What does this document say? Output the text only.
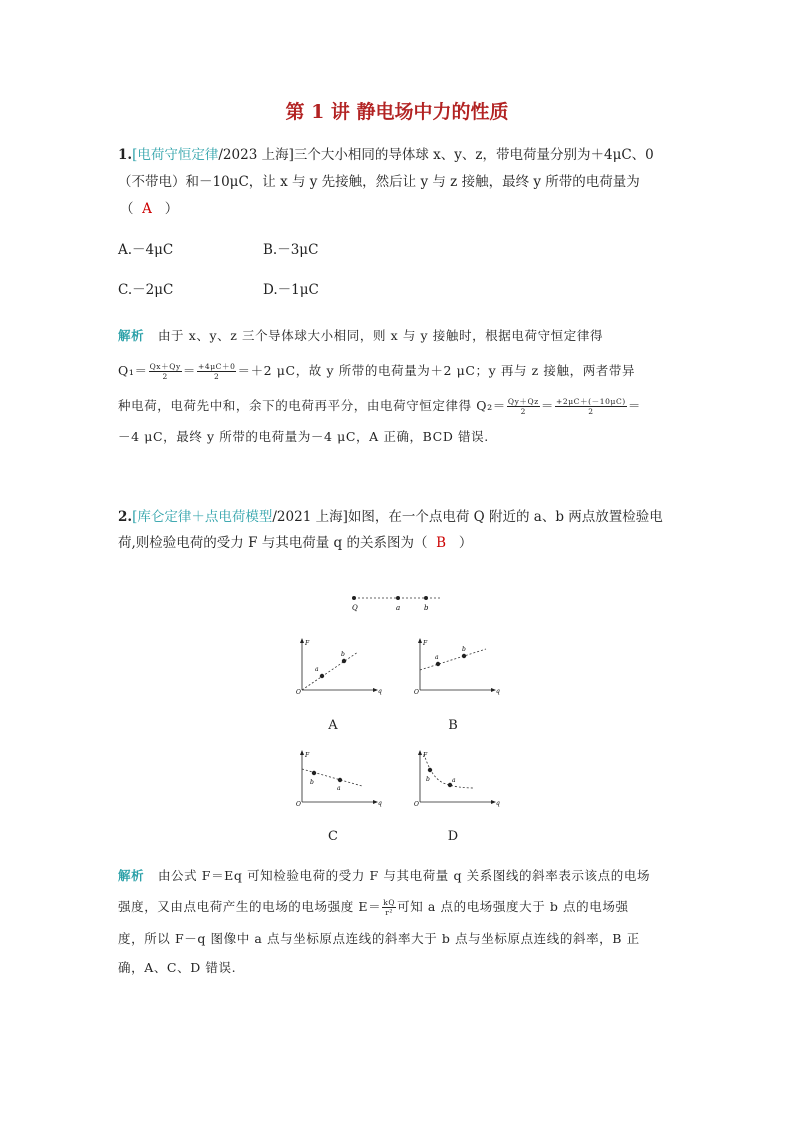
第 1 讲 静电场中力的性质
1.[电荷守恒定律/2023 上海]三个大小相同的导体球 x、y、z，带电荷量分别为＋4μC、0
（不带电）和－10μC，让 x 与 y 先接触，然后让 y 与 z 接触，最终 y 所带的电荷量为
（ A ）
A.－4μC	B.－3μC
C.－2μC	D.－1μC
解析 由于 x、y、z 三个导体球大小相同，则 x 与 y 接触时，根据电荷守恒定律得
$Q_1= \frac{Qx+Qy}{2} = \frac{+4\mu C+0}{2} =+2$ μC，故 y 所带的电荷量为＋2 μC；y 再与 z 接触，两者带异
种电荷，电荷先中和，余下的电荷再平分，由电荷守恒定律得 $Q_2= \frac{Qy+Qz}{2} = \frac{+2\mu C+(-10\mu C)}{2}$ ＝
－4 μC，最终 y 所带的电荷量为－4 μC，A 正确，BCD 错误.
2.[库仑定律＋点电荷模型/2021 上海]如图，在一个点电荷 Q 附近的 a、b 两点放置检验电
荷,则检验电荷的受力 F 与其电荷量 q 的关系图为（ B ）
Q	a	b
F
q
O
a
b
A
F
q
O
a
b
B
F
q
O
b
a
C
F
q
O
b	a
D
解析 由公式 F＝Eq 可知检验电荷的受力 F 与其电荷量 q 关系图线的斜率表示该点的电场
强度，又由点电荷产生的电场的电场强度 $E= \frac{kQ}{\text{r²}}$ 可知 a 点的电场强度大于 b 点的电场强
度，所以 F－q 图像中 a 点与坐标原点连线的斜率大于 b 点与坐标原点连线的斜率，B 正
确，A、C、D 错误.
